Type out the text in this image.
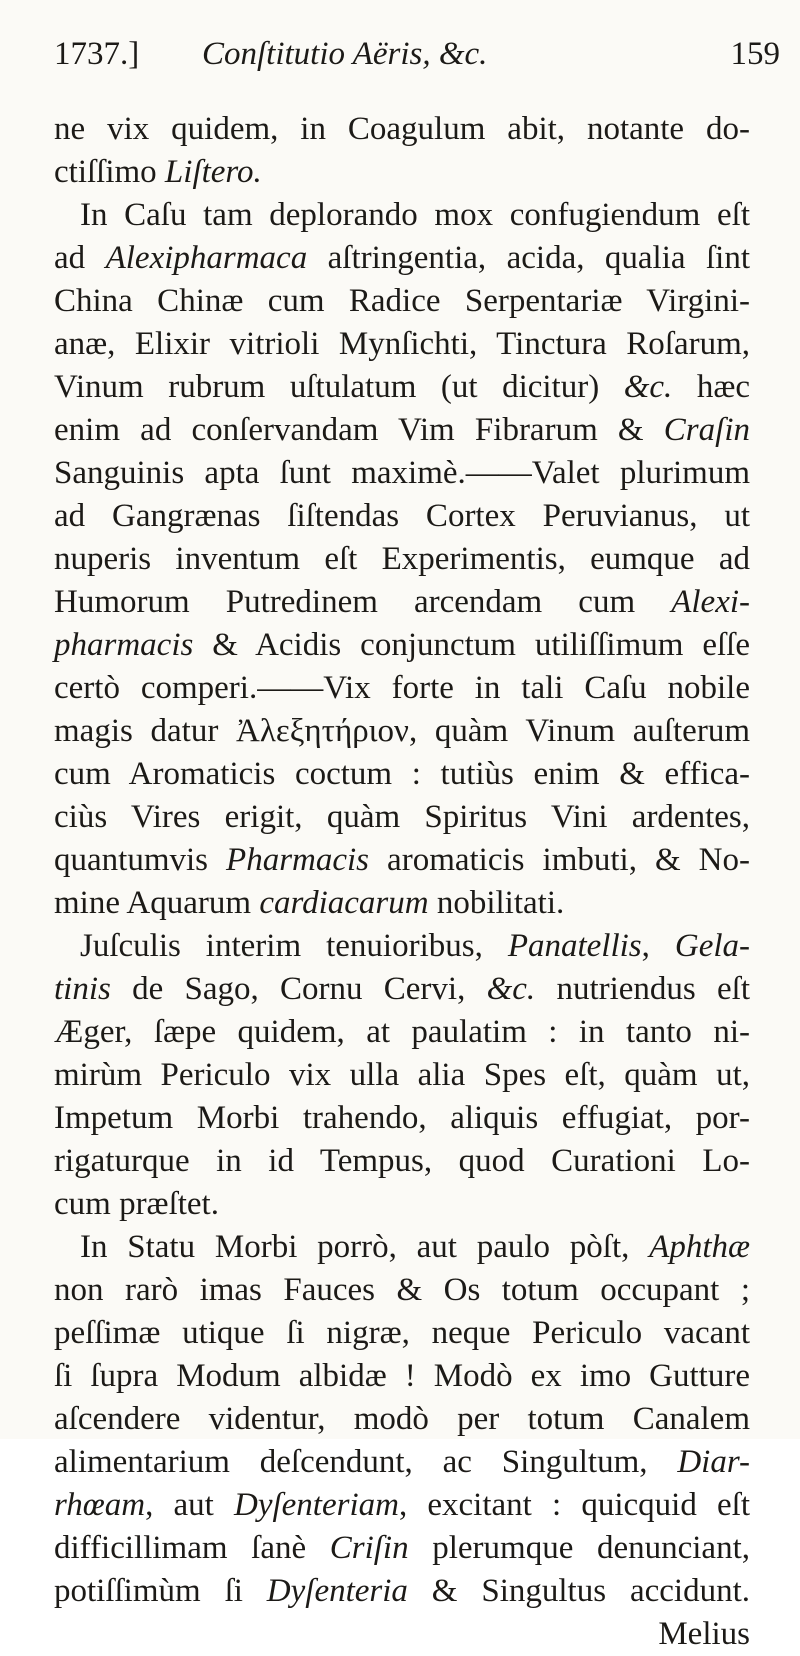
1737.] Conſtitutio Aëris, &c.	159
ne vix quidem, in Coagulum abit, notante do-
ctiſſimo Liſtero.
In Caſu tam deplorando mox confugiendum eſt
ad Alexipharmaca aſtringentia, acida, qualia ſint
China Chinæ cum Radice Serpentariæ Virgini-
anæ, Elixir vitrioli Mynſichti, Tinctura Roſarum,
Vinum rubrum uſtulatum (ut dicitur) &c. hæc
enim ad conſervandam Vim Fibrarum & Craſin
Sanguinis apta ſunt maximè.——Valet plurimum
ad Gangrænas ſiſtendas Cortex Peruvianus, ut
nuperis inventum eſt Experimentis, eumque ad
Humorum Putredinem arcendam cum Alexi-
pharmacis & Acidis conjunctum utiliſſimum eſſe
certò comperi.——Vix forte in tali Caſu nobile
magis datur Ἀλεξητήριον, quàm Vinum auſterum
cum Aromaticis coctum : tutiùs enim & effica-
ciùs Vires erigit, quàm Spiritus Vini ardentes,
quantumvis Pharmacis aromaticis imbuti, & No-
mine Aquarum cardiacarum nobilitati.
Juſculis interim tenuioribus, Panatellis, Gela-
tinis de Sago, Cornu Cervi, &c. nutriendus eſt
Æger, ſæpe quidem, at paulatim : in tanto ni-
mirùm Periculo vix ulla alia Spes eſt, quàm ut,
Impetum Morbi trahendo, aliquis effugiat, por-
rigaturque in id Tempus, quod Curationi Lo-
cum præſtet.
In Statu Morbi porrò, aut paulo pòſt, Aphthæ
non rarò imas Fauces & Os totum occupant ;
peſſimæ utique ſi nigræ, neque Periculo vacant
ſi ſupra Modum albidæ ! Modò ex imo Gutture
aſcendere videntur, modò per totum Canalem
alimentarium deſcendunt, ac Singultum, Diar-
rhœam, aut Dyſenteriam, excitant : quicquid eſt
difficillimam ſanè Criſin plerumque denunciant,
potiſſimùm ſi Dyſenteria & Singultus accidunt.
Melius
